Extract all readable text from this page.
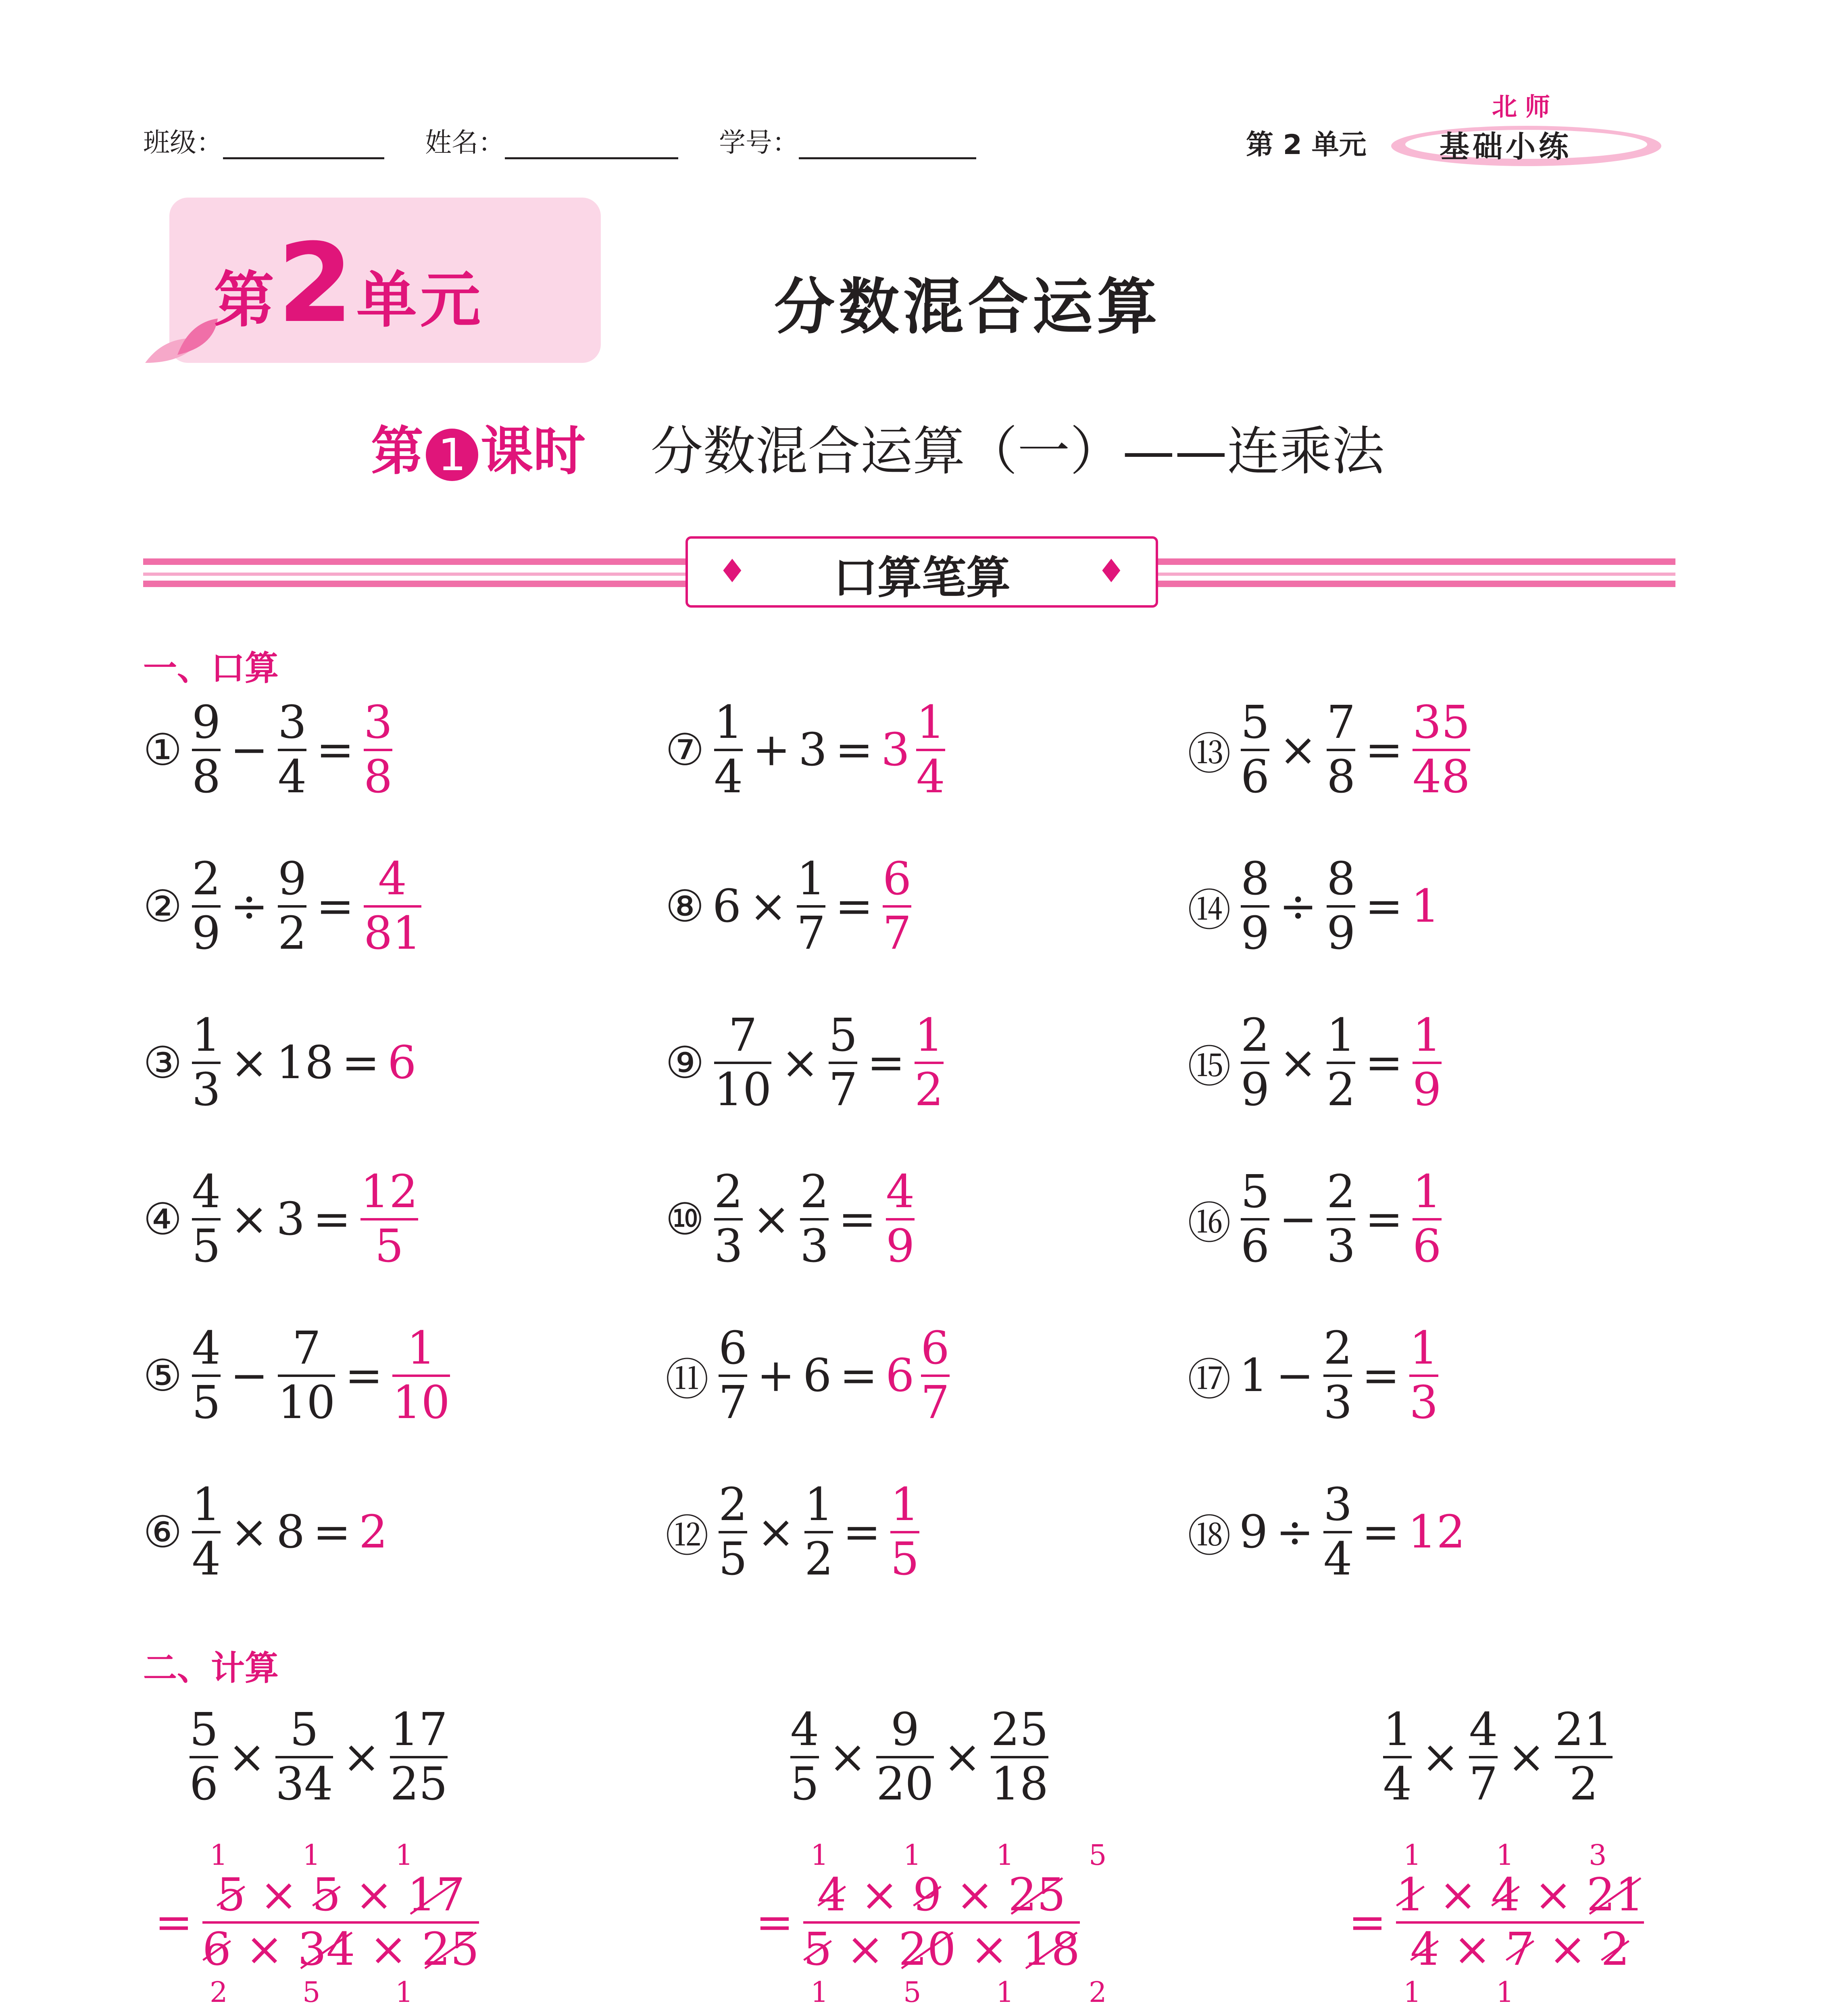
班级：	姓名：	学号：	第 2 单元
北师
基础小练
第2单元	分数混合运算
第 1 课时 分数混合运算（一）——连乘法
♦	♦
口算笔算
一、口算
①
9
8
−
3
4
=
3
8
②
2
9
÷
9
2
=
4
81
③
1
3
× 18 = 6
④
4
5
× 3 =
12
5
⑤
4
5
−
7
10
=
1
10
⑥
1
4
× 8 = 2
⑦
1
4
+ 3 = 3
1
4
⑧ 6 ×
1
7
=
6
7
⑨
7
10
×
5
7
=
1
2
⑩
2
3
×
2
3
=
4
9
⑪
6
7
+ 6 = 6
6
7
⑫
2
5
×
1
2
=
1
5
⑬
5
6
×
7
8
=
35
48
⑭
8
9
÷
8
9
= 1
⑮
2
9
×
1
2
=
1
9
⑯
5
6
−
2
3
=
1
6
⑰ 1 −
2
3
=
1
3
⑱ 9 ÷
3
4
= 12
二、计算
5
6
×
5
34
×
17
25
=
5 × 5 × 17
6 × 34 × 25
1	1	1
2	5	1
4
5
×
9
20
×
25
18
=
4 × 9 × 25
5 × 20 × 18
1	1	1	5
1	5	1	2
1
4
×
4
7
×
21
2
=
1 × 4 × 21
4 × 7 × 2
1	1	3
1	1
